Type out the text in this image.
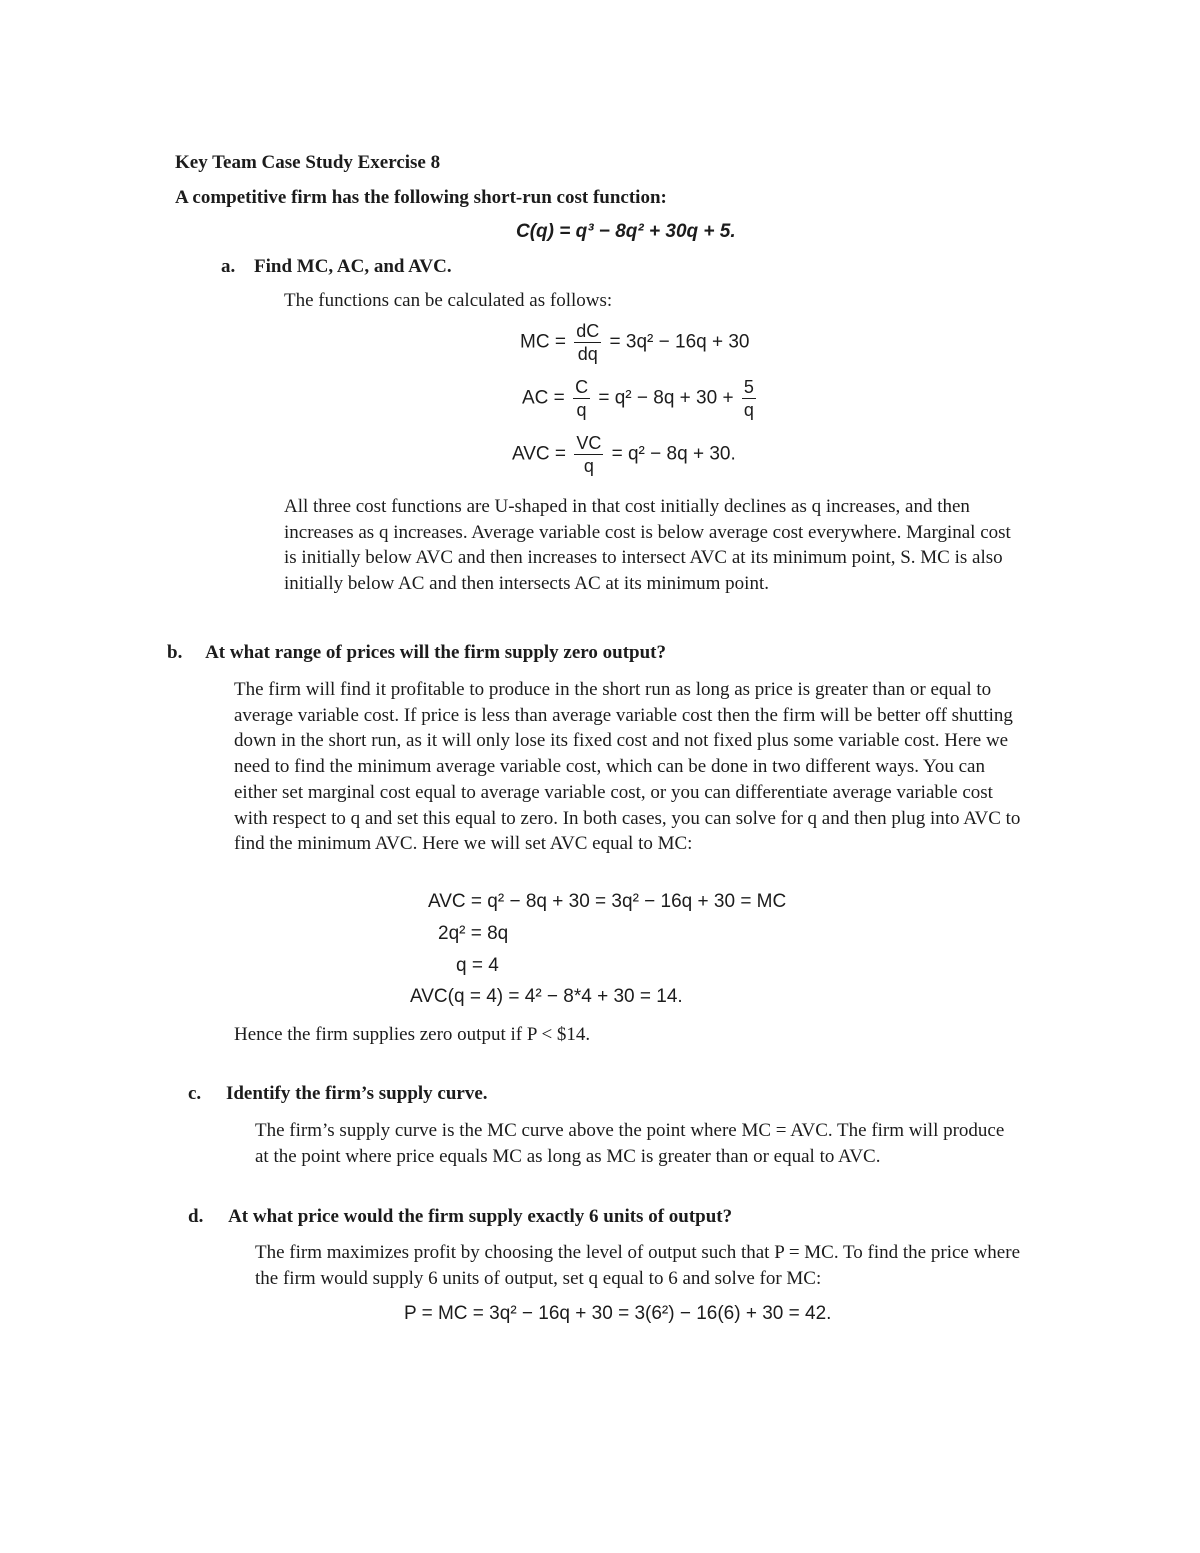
Key Team Case Study Exercise 8
A competitive firm has the following short-run cost function:
C(q) = q³ − 8q² + 30q + 5.
a. Find MC, AC, and AVC.
The functions can be calculated as follows:
MC = $\frac{dC}{dq} = 3q^2 - 16q + 30$
AC = $\frac{C}{q} = q^2 - 8q + 30 + \frac{5}{q}$
AVC = $\frac{VC}{q} = q^2 - 8q + 30$.
All three cost functions are U-shaped in that cost initially declines as q increases, and then increases as q increases. Average variable cost is below average cost everywhere. Marginal cost is initially below AVC and then increases to intersect AVC at its minimum point, S. MC is also initially below AC and then intersects AC at its minimum point.
b. At what range of prices will the firm supply zero output?
The firm will find it profitable to produce in the short run as long as price is greater than or equal to average variable cost. If price is less than average variable cost then the firm will be better off shutting down in the short run, as it will only lose its fixed cost and not fixed plus some variable cost. Here we need to find the minimum average variable cost, which can be done in two different ways. You can either set marginal cost equal to average variable cost, or you can differentiate average variable cost with respect to q and set this equal to zero. In both cases, you can solve for q and then plug into AVC to find the minimum AVC. Here we will set AVC equal to MC:
AVC = q² − 8q + 30 = 3q² − 16q + 30 = MC
2q² = 8q
q = 4
AVC(q = 4) = 4² − 8*4 + 30 = 14.
Hence the firm supplies zero output if P < $14.
c. Identify the firm’s supply curve.
The firm’s supply curve is the MC curve above the point where MC = AVC. The firm will produce at the point where price equals MC as long as MC is greater than or equal to AVC.
d. At what price would the firm supply exactly 6 units of output?
The firm maximizes profit by choosing the level of output such that P = MC. To find the price where the firm would supply 6 units of output, set q equal to 6 and solve for MC:
P = MC = 3q² − 16q + 30 = 3(6²) − 16(6) + 30 = 42.
